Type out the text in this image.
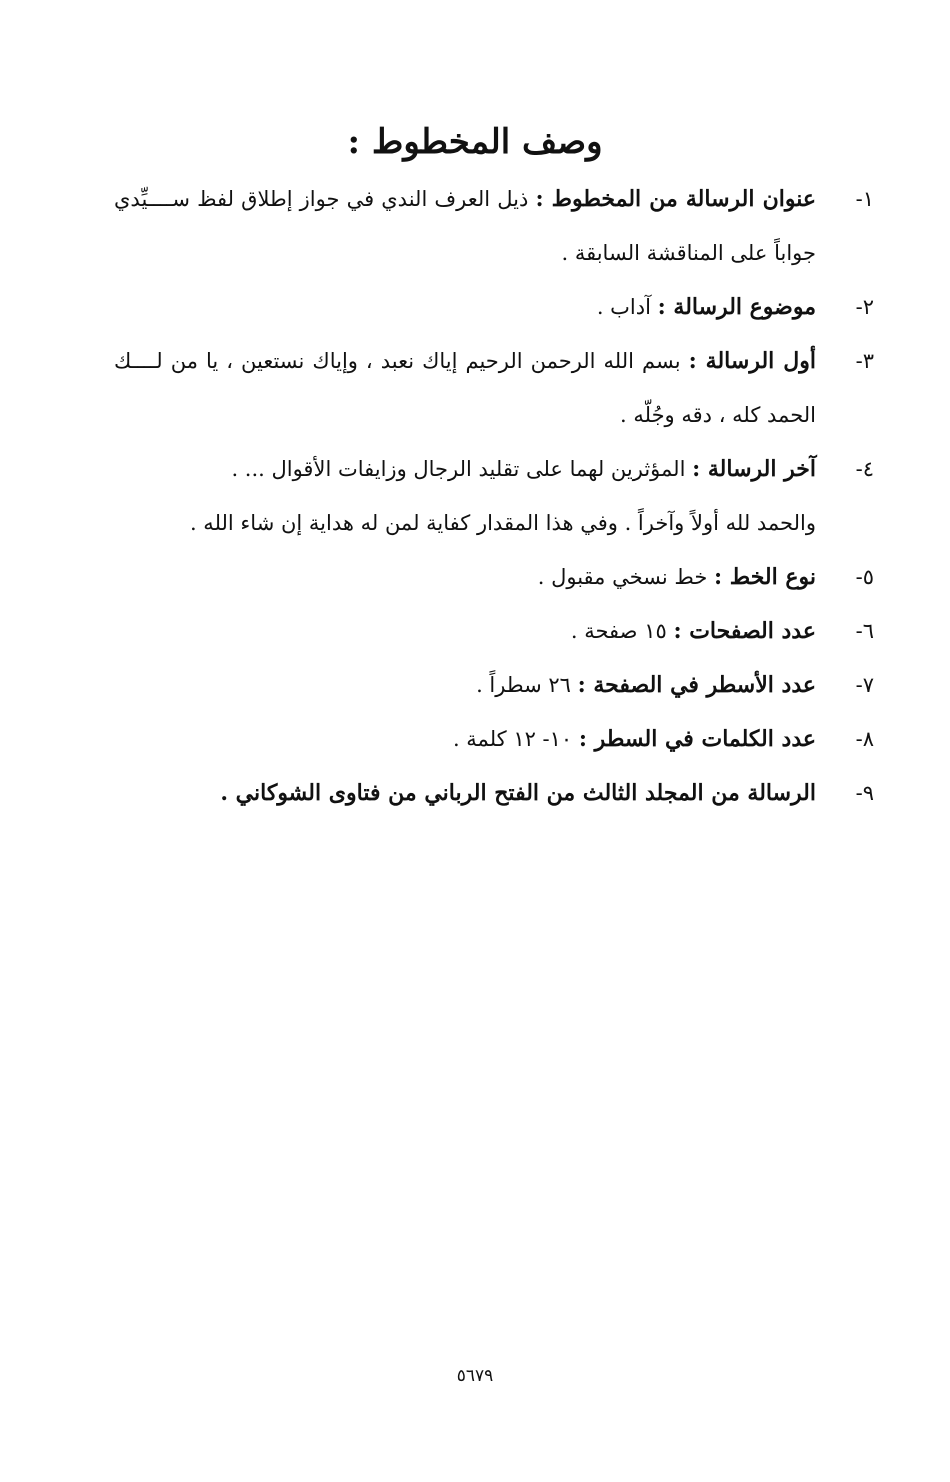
وصف المخطوط :
١-
عنوان الرسالة من المخطوط : ذيل العرف الندي في جواز إطلاق لفظ ســــيِّدي
جواباً على المناقشة السابقة .
٢-
موضوع الرسالة : آداب .
٣-
أول الرسالة : بسم الله الرحمن الرحيم إياك نعبد ، وإياك نستعين ، يا من لــــك
الحمد كله ، دقه وجُلّه .
٤-
آخر الرسالة : المؤثرين لهما على تقليد الرجال وزايفات الأقوال ... .
والحمد لله أولاً وآخراً . وفي هذا المقدار كفاية لمن له هداية إن شاء الله .
٥-
نوع الخط : خط نسخي مقبول .
٦-
عدد الصفحات : ١٥ صفحة .
٧-
عدد الأسطر في الصفحة : ٢٦ سطراً .
٨-
عدد الكلمات في السطر : ١٠- ١٢ كلمة .
٩-
الرسالة من المجلد الثالث من الفتح الرباني من فتاوى الشوكاني .
٥٦٧٩
